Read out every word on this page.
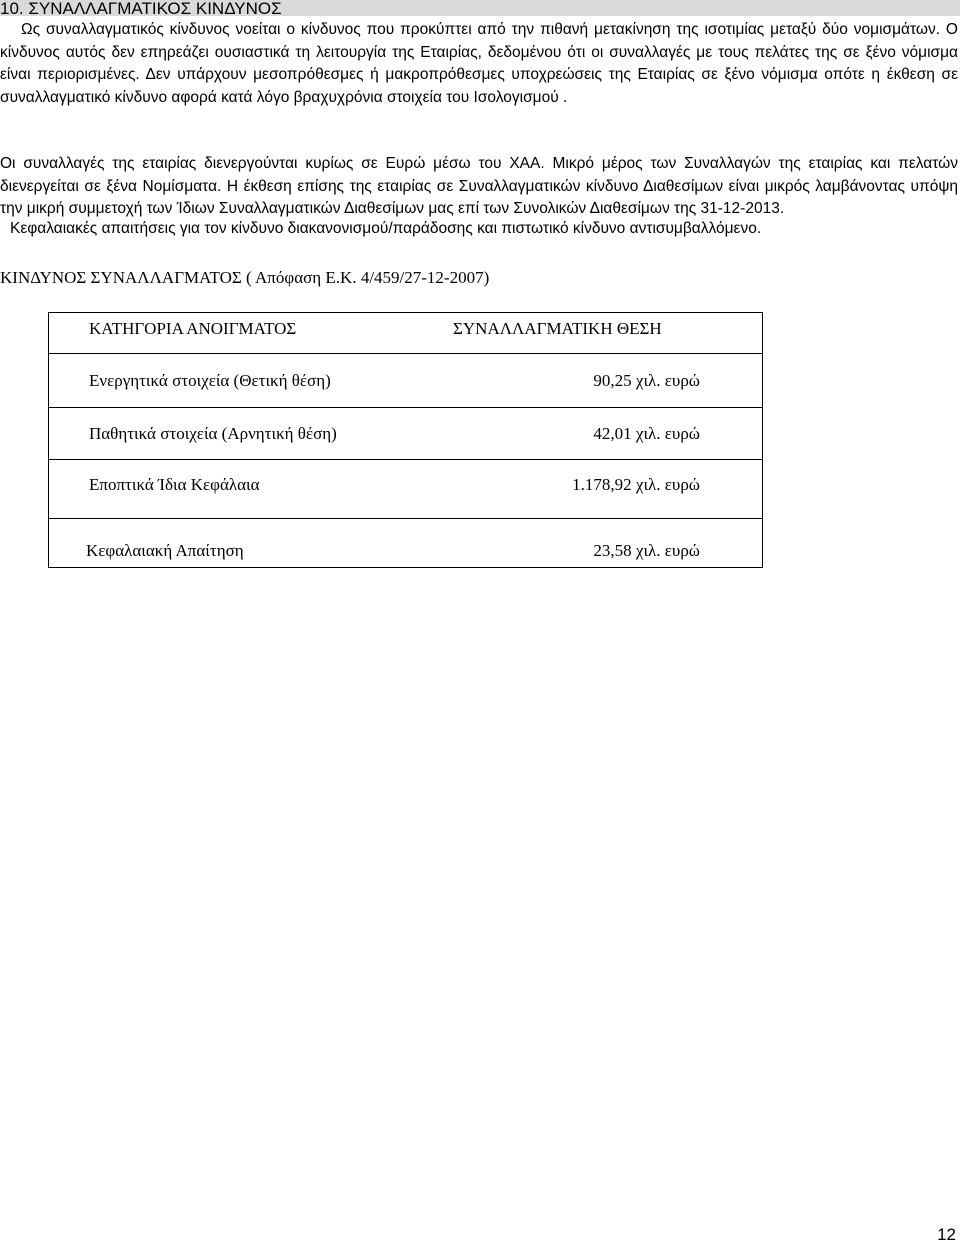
10. ΣΥΝΑΛΛΑΓΜΑΤΙΚΟΣ ΚΙΝΔΥΝΟΣ
Ως συναλλαγματικός κίνδυνος νοείται ο κίνδυνος που προκύπτει από την πιθανή μετακίνηση της ισοτιμίας μεταξύ δύο νομισμάτων. Ο κίνδυνος αυτός δεν επηρεάζει ουσιαστικά τη λειτουργία της Εταιρίας, δεδομένου ότι οι συναλλαγές με τους πελάτες της σε ξένο νόμισμα είναι περιορισμένες. Δεν υπάρχουν μεσοπρόθεσμες ή μακροπρόθεσμες υποχρεώσεις της Εταιρίας σε ξένο νόμισμα οπότε η έκθεση σε συναλλαγματικό κίνδυνο αφορά κατά λόγο βραχυχρόνια στοιχεία του Ισολογισμού .
Οι συναλλαγές της εταιρίας διενεργούνται κυρίως σε Ευρώ μέσω του ΧΑΑ. Μικρό μέρος των Συναλλαγών της εταιρίας και πελατών διενεργείται σε ξένα Νομίσματα. Η έκθεση επίσης της εταιρίας σε Συναλλαγματικών κίνδυνο Διαθεσίμων είναι μικρός λαμβάνοντας υπόψη την μικρή συμμετοχή των Ίδιων Συναλλαγματικών Διαθεσίμων μας επί των Συνολικών Διαθεσίμων της 31-12-2013.
Κεφαλαιακές απαιτήσεις για τον κίνδυνο διακανονισμού/παράδοσης και πιστωτικό κίνδυνο αντισυμβαλλόμενο.
ΚΙΝΔΥΝΟΣ ΣΥΝΑΛΛΑΓΜΑΤΟΣ ( Απόφαση Ε.Κ. 4/459/27-12-2007)
ΚΑΤΗΓΟΡΙΑ ΑΝΟΙΓΜΑΤΟΣ	ΣΥΝΑΛΛΑΓΜΑΤΙΚΗ ΘΕΣΗ
Ενεργητικά στοιχεία (Θετική θέση)	90,25 χιλ. ευρώ
Παθητικά στοιχεία (Αρνητική θέση)	42,01 χιλ. ευρώ
Εποπτικά Ίδια Κεφάλαια	1.178,92 χιλ. ευρώ
Κεφαλαιακή Απαίτηση	23,58 χιλ. ευρώ
12
